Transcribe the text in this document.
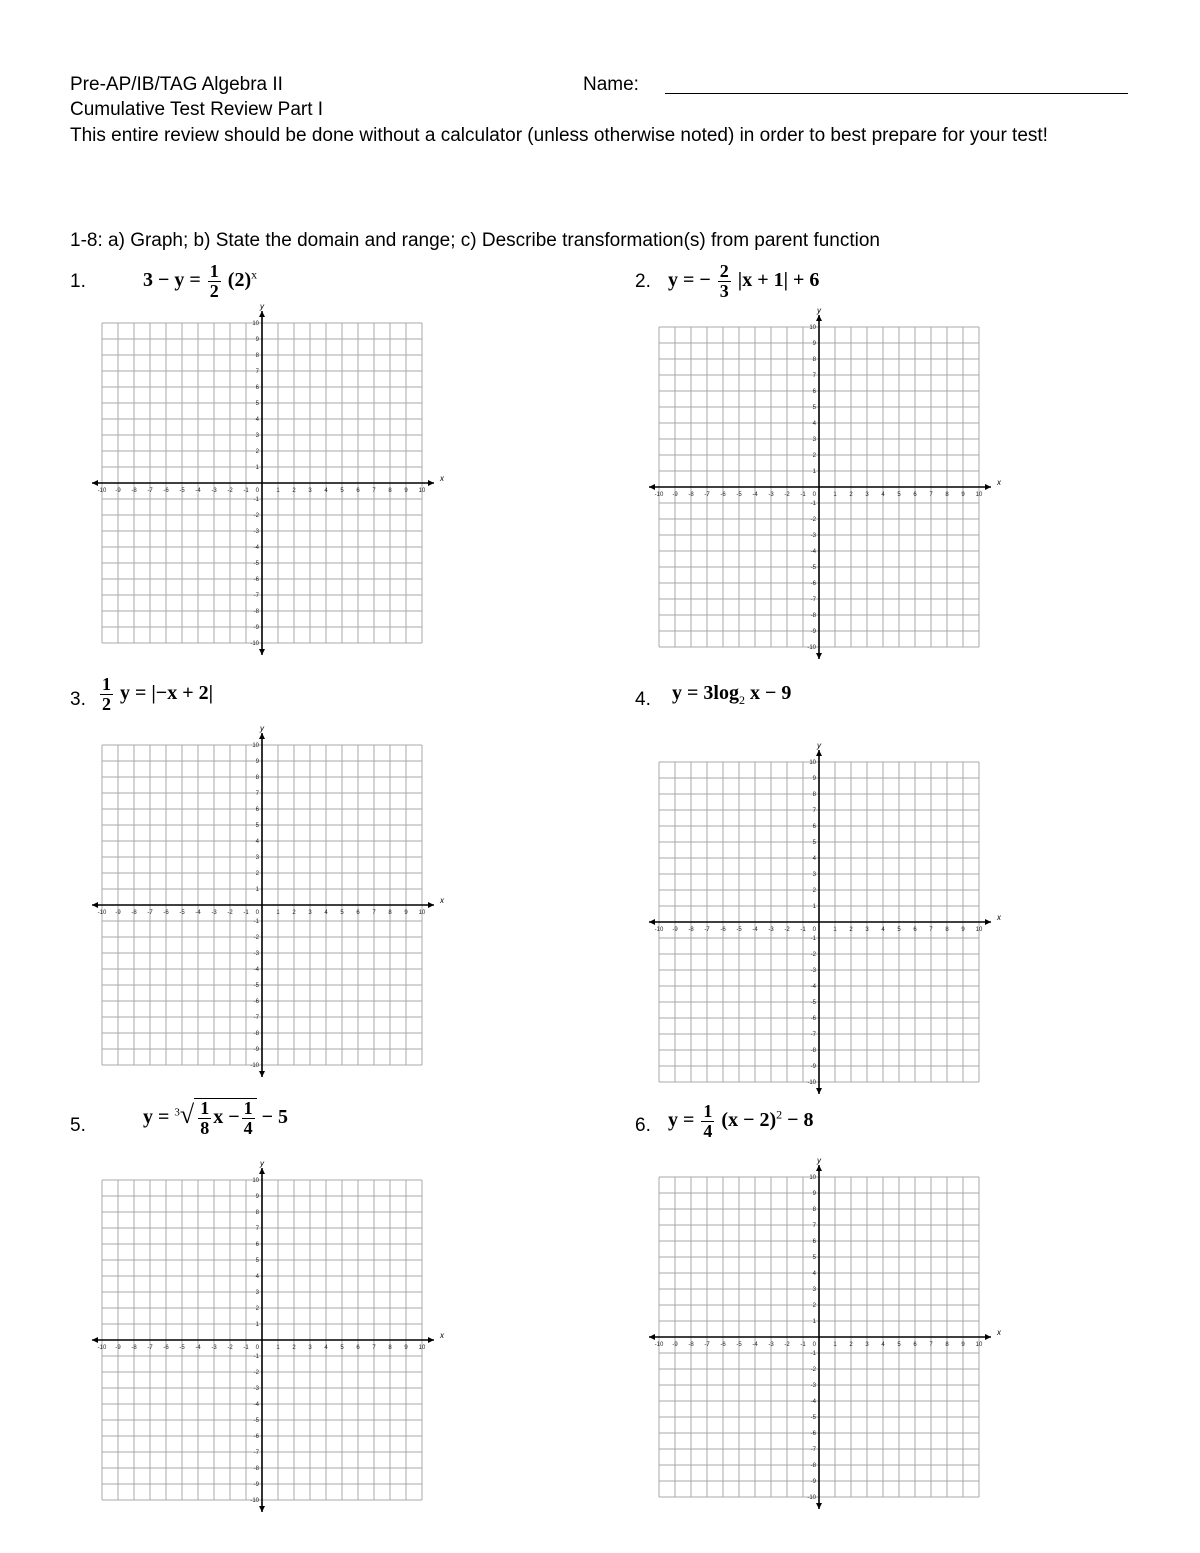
Pre-AP/IB/TAG Algebra II	Name:
Cumulative Test Review Part I
This entire review should be done without a calculator (unless otherwise noted) in order to best prepare for your test!
1-8: a) Graph; b) State the domain and range; c) Describe transformation(s) from parent function
1.	$3 - y = \frac{1}{2} (2)^x$	2. y = − $\frac{2}{3} |x + 1| + 6$
3. $\frac{1}{2}$ y = |−x + 2|	4. $y = 3\log_2$ x − 9
5.	$y = ^3√ \frac{1}{8}$ $x - \frac{1}{4} - 5$	6. $y = \frac{1}{4} (x - 2)^2 - 8$
x
y
-10
-10
-9
-9
-8
-8
-7
-7
-6
-6
-5
-5
-4
-4
-3
-3
-2
-2
-1
-1
0	1
1
2
2
3
3
4
4
5
5
6
6
7
7
8
8
9
9
10
10
x
y
-10
-10
-9
-9
-8
-8
-7
-7
-6
-6
-5
-5
-4
-4
-3
-3
-2
-2
-1
-1
0	1
1
2
2
3
3
4
4
5
5
6
6
7
7
8
8
9
9
10
10
x
y
-10
-10
-9
-9
-8
-8
-7
-7
-6
-6
-5
-5
-4
-4
-3
-3
-2
-2
-1
-1
0	1
1
2
2
3
3
4
4
5
5
6
6
7
7
8
8
9
9
10
10
x
y
-10
-10
-9
-9
-8
-8
-7
-7
-6
-6
-5
-5
-4
-4
-3
-3
-2
-2
-1
-1
0	1
1
2
2
3
3
4
4
5
5
6
6
7
7
8
8
9
9
10
10
x
y
-10
-10
-9
-9
-8
-8
-7
-7
-6
-6
-5
-5
-4
-4
-3
-3
-2
-2
-1
-1
0	1
1
2
2
3
3
4
4
5
5
6
6
7
7
8
8
9
9
10
10
x
y
-10
-10
-9
-9
-8
-8
-7
-7
-6
-6
-5
-5
-4
-4
-3
-3
-2
-2
-1
-1
0	1
1
2
2
3
3
4
4
5
5
6
6
7
7
8
8
9
9
10
10
